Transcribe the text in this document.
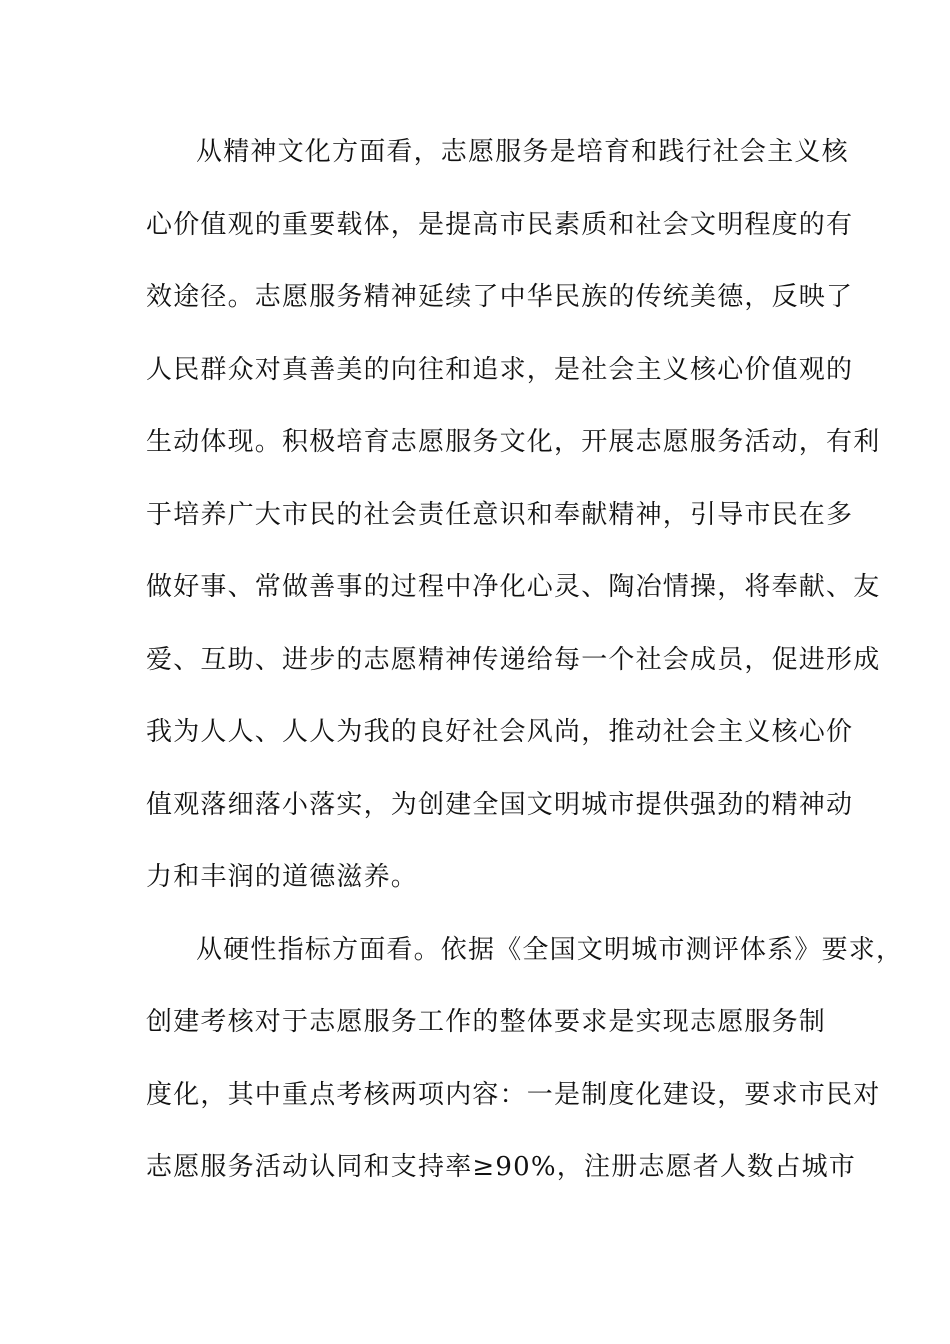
从精神文化方面看，志愿服务是培育和践行社会主义核
心价值观的重要载体，是提高市民素质和社会文明程度的有
效途径。志愿服务精神延续了中华民族的传统美德，反映了
人民群众对真善美的向往和追求，是社会主义核心价值观的
生动体现。积极培育志愿服务文化，开展志愿服务活动，有利
于培养广大市民的社会责任意识和奉献精神，引导市民在多
做好事、常做善事的过程中净化心灵、陶冶情操，将奉献、友
爱、互助、进步的志愿精神传递给每一个社会成员，促进形成
我为人人、人人为我的良好社会风尚，推动社会主义核心价
值观落细落小落实，为创建全国文明城市提供强劲的精神动
力和丰润的道德滋养。
从硬性指标方面看。依据《全国文明城市测评体系》要求，
创建考核对于志愿服务工作的整体要求是实现志愿服务制
度化，其中重点考核两项内容：一是制度化建设，要求市民对
志愿服务活动认同和支持率≥90%，注册志愿者人数占城市
